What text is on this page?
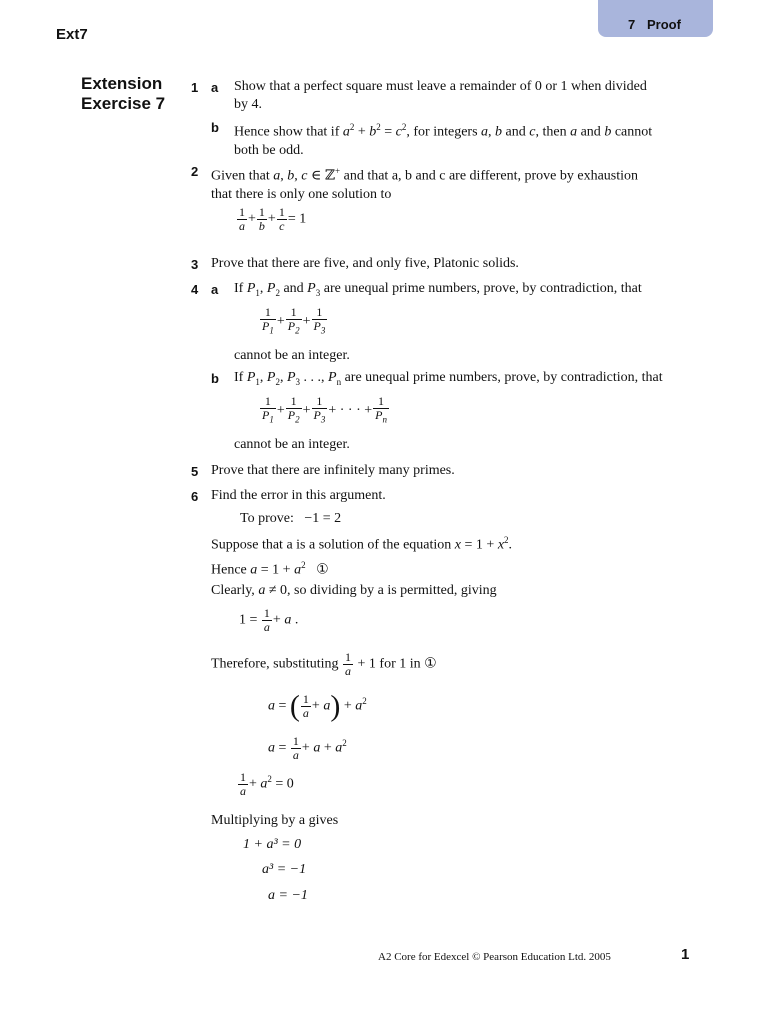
7 Proof
Ext7
Extension
Exercise 7
1 a Show that a perfect square must leave a remainder of 0 or 1 when divided
by 4.
b Hence show that if $a^2 + b^2 = c^2$, for integers a, b and c, then a and b cannot
both be odd.
2 Given that a, b, c ∈ ℤ+ and that a, b and c are different, prove by exhaustion
that there is only one solution to
$\frac{1}{a} + \frac{1}{b} + \frac{1}{c} = 1$
3 Prove that there are five, and only five, Platonic solids.
4 a If $P_1$, $P_2$ and $P_3$ are unequal prime numbers, prove, by contradiction, that
$\frac{1}{P_1} + \frac{1}{P_2} + \frac{1}{P_3}$
cannot be an integer.
b If $P_1$, $P_2$, $P_3$ . . ., $P_n$ are unequal prime numbers, prove, by contradiction, that
$\frac{1}{P_1} + \frac{1}{P_2} + \frac{1}{P_3}$ + · · · + $\frac{1}{P_n}$
cannot be an integer.
5 Prove that there are infinitely many primes.
6 Find the error in this argument.
To prove: −1 = 2
Suppose that a is a solution of the equation $x = 1 + x^2$.
Hence $a = 1 + a^2$   ①
Clearly, a ≠ 0, so dividing by a is permitted, giving
$1 = \frac{1}{a} + a$ .
Therefore, substituting $\frac{1}{a} + 1$ for 1 in ①
a = ( $\frac{1}{a} + a) + a^2$
$a = \frac{1}{a} + a + a^2$
$\frac{1}{a} + a^2 = 0$
Multiplying by a gives
1 + a³ = 0
a³ = −1
a = −1
A2 Core for Edexcel © Pearson Education Ltd. 2005	1
